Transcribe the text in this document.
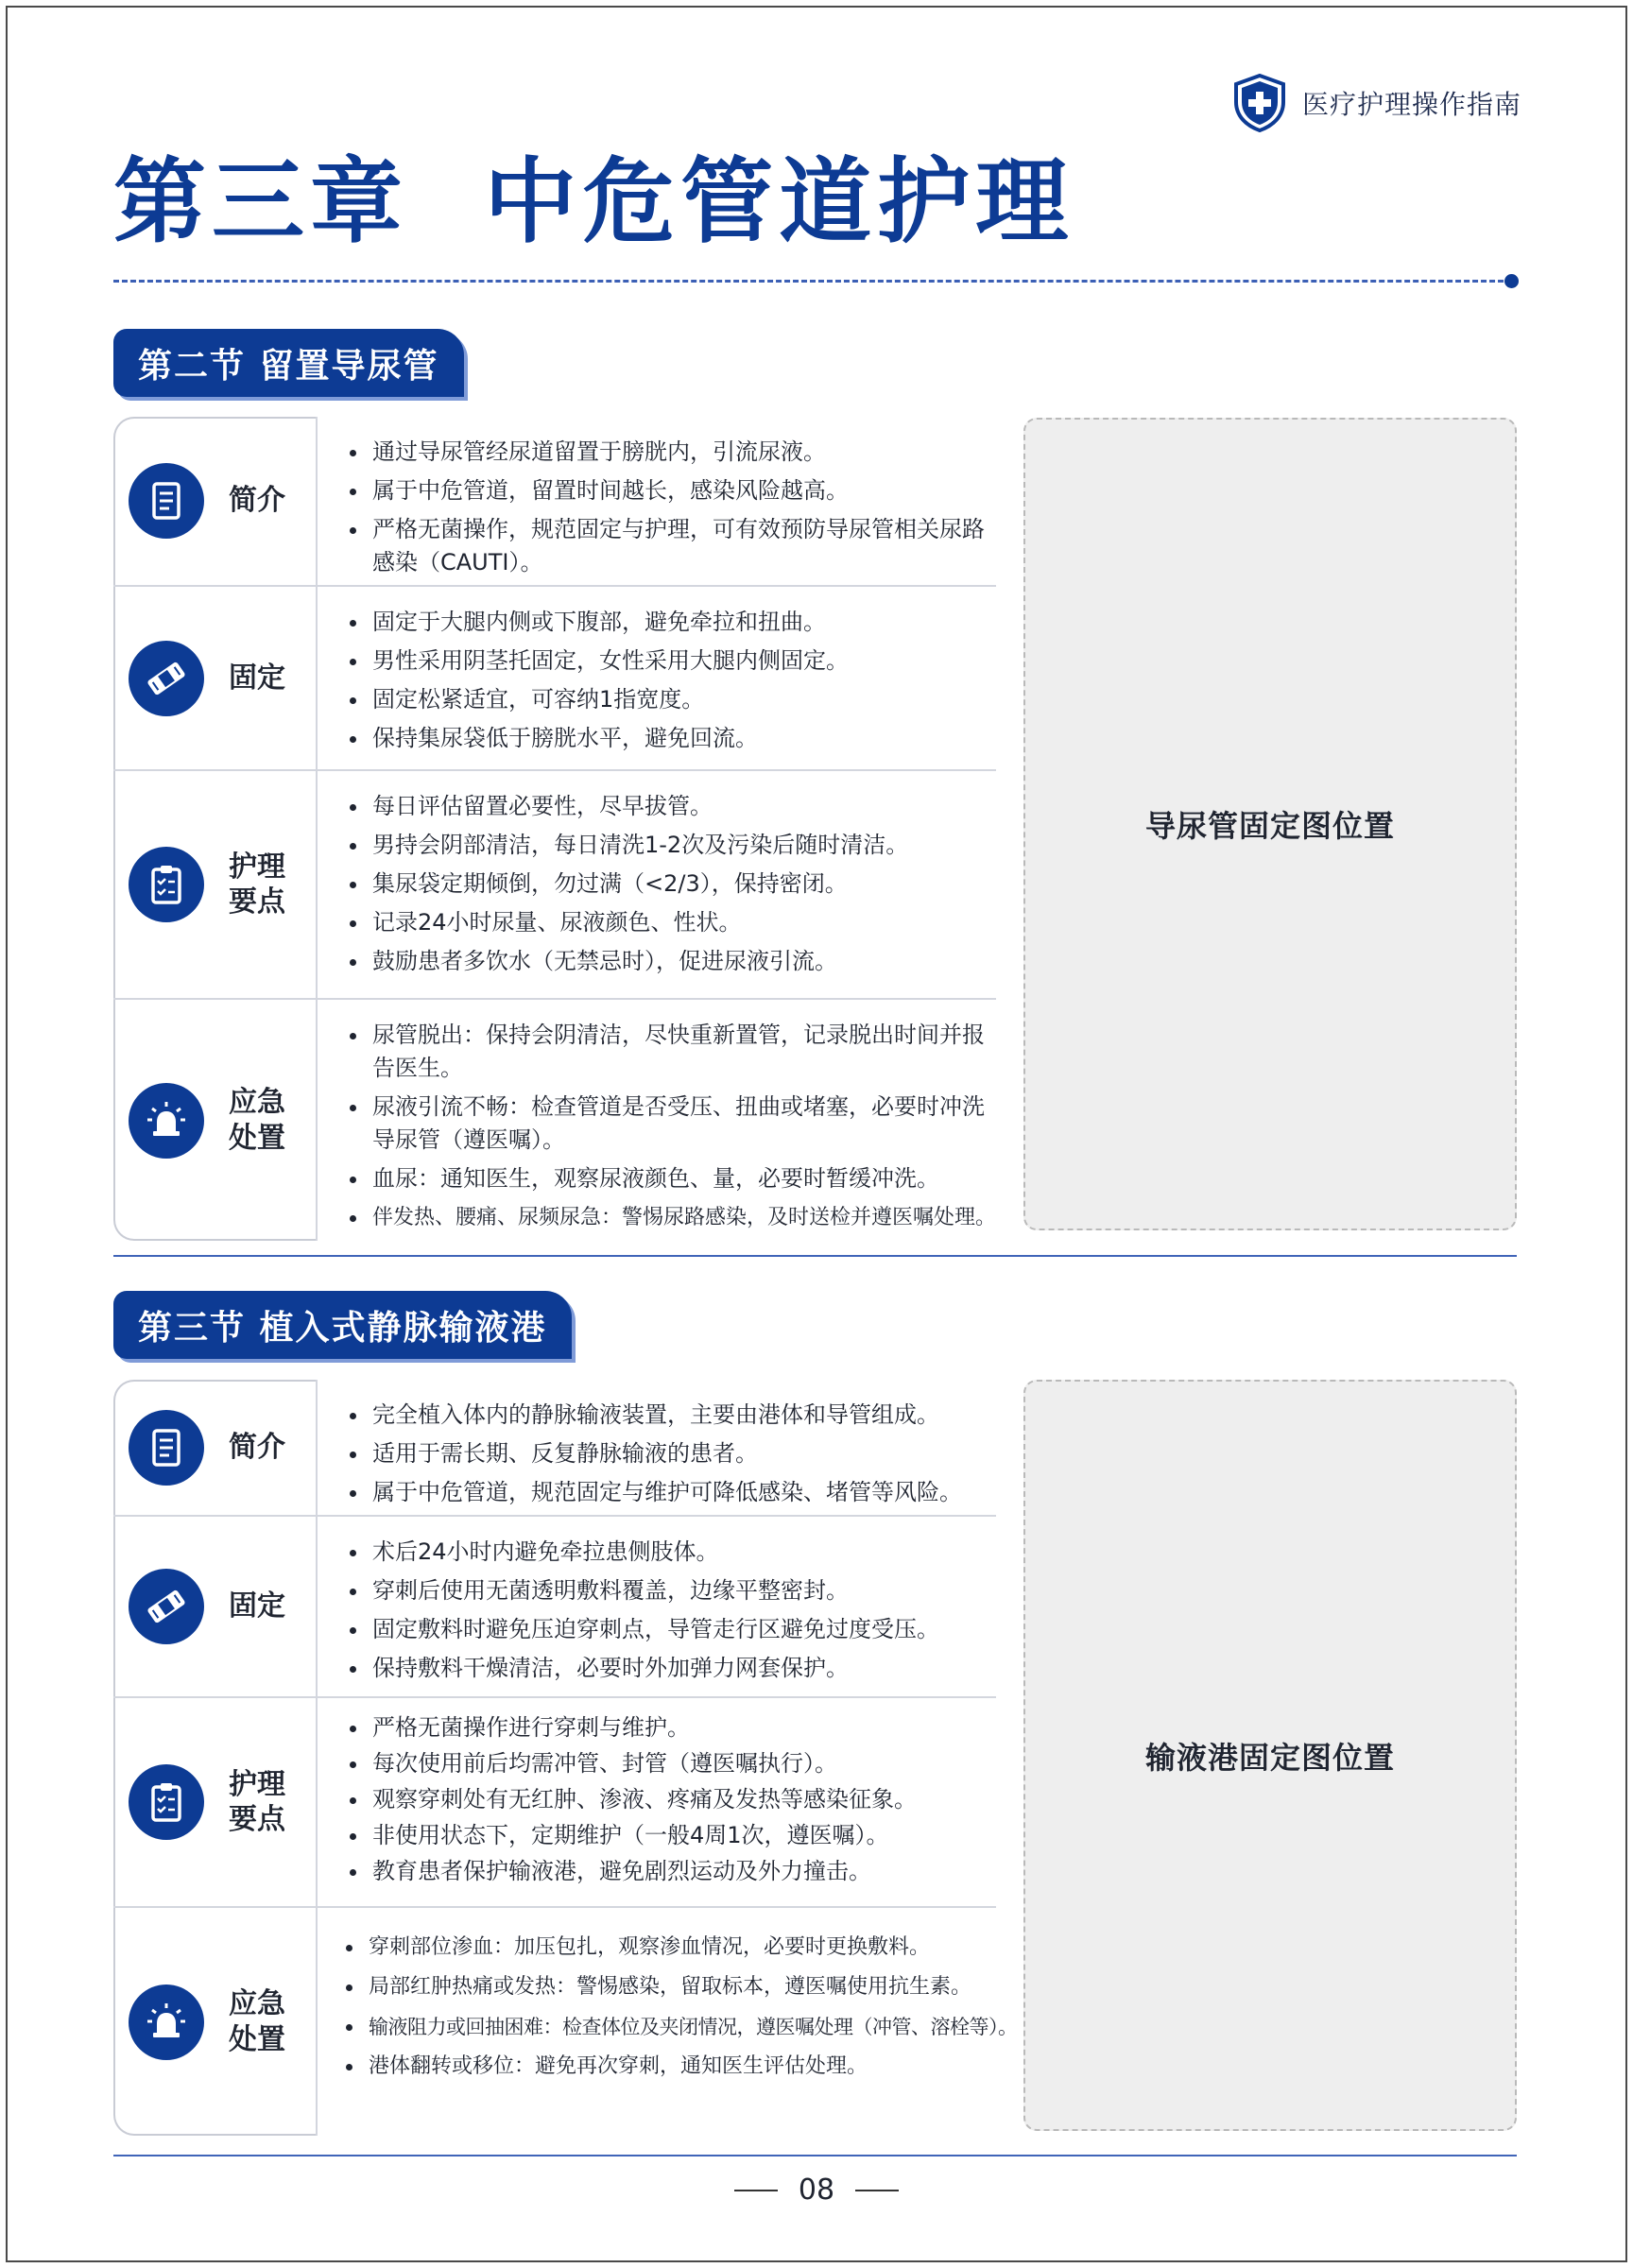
医疗护理操作指南
第三章  中危管道护理
第二节 留置导尿管
简介
通过导尿管经尿道留置于膀胱内，引流尿液。
属于中危管道，留置时间越长，感染风险越高。
严格无菌操作，规范固定与护理，可有效预防导尿管相关尿路感染（CAUTI）。
固定
固定于大腿内侧或下腹部，避免牵拉和扭曲。
男性采用阴茎托固定，女性采用大腿内侧固定。
固定松紧适宜，可容纳1指宽度。
保持集尿袋低于膀胱水平，避免回流。
护理
要点
每日评估留置必要性，尽早拔管。
男持会阴部清洁，每日清洗1-2次及污染后随时清洁。
集尿袋定期倾倒，勿过满（<2/3），保持密闭。
记录24小时尿量、尿液颜色、性状。
鼓励患者多饮水（无禁忌时），促进尿液引流。
应急
处置
尿管脱出：保持会阴清洁，尽快重新置管，记录脱出时间并报告医生。
尿液引流不畅：检查管道是否受压、扭曲或堵塞，必要时冲洗导尿管（遵医嘱）。
血尿：通知医生，观察尿液颜色、量，必要时暂缓冲洗。
伴发热、腰痛、尿频尿急：警惕尿路感染，及时送检并遵医嘱处理。
导尿管固定图位置
第三节 植入式静脉输液港
简介
完全植入体内的静脉输液装置，主要由港体和导管组成。
适用于需长期、反复静脉输液的患者。
属于中危管道，规范固定与维护可降低感染、堵管等风险。
固定
术后24小时内避免牵拉患侧肢体。
穿刺后使用无菌透明敷料覆盖，边缘平整密封。
固定敷料时避免压迫穿刺点，导管走行区避免过度受压。
保持敷料干燥清洁，必要时外加弹力网套保护。
护理
要点
严格无菌操作进行穿刺与维护。
每次使用前后均需冲管、封管（遵医嘱执行）。
观察穿刺处有无红肿、渗液、疼痛及发热等感染征象。
非使用状态下，定期维护（一般4周1次，遵医嘱）。
教育患者保护输液港，避免剧烈运动及外力撞击。
应急
处置
穿刺部位渗血：加压包扎，观察渗血情况，必要时更换敷料。
局部红肿热痛或发热：警惕感染，留取标本，遵医嘱使用抗生素。
输液阻力或回抽困难：检查体位及夹闭情况，遵医嘱处理（冲管、溶栓等）。
港体翻转或移位：避免再次穿刺，通知医生评估处理。
输液港固定图位置
08
